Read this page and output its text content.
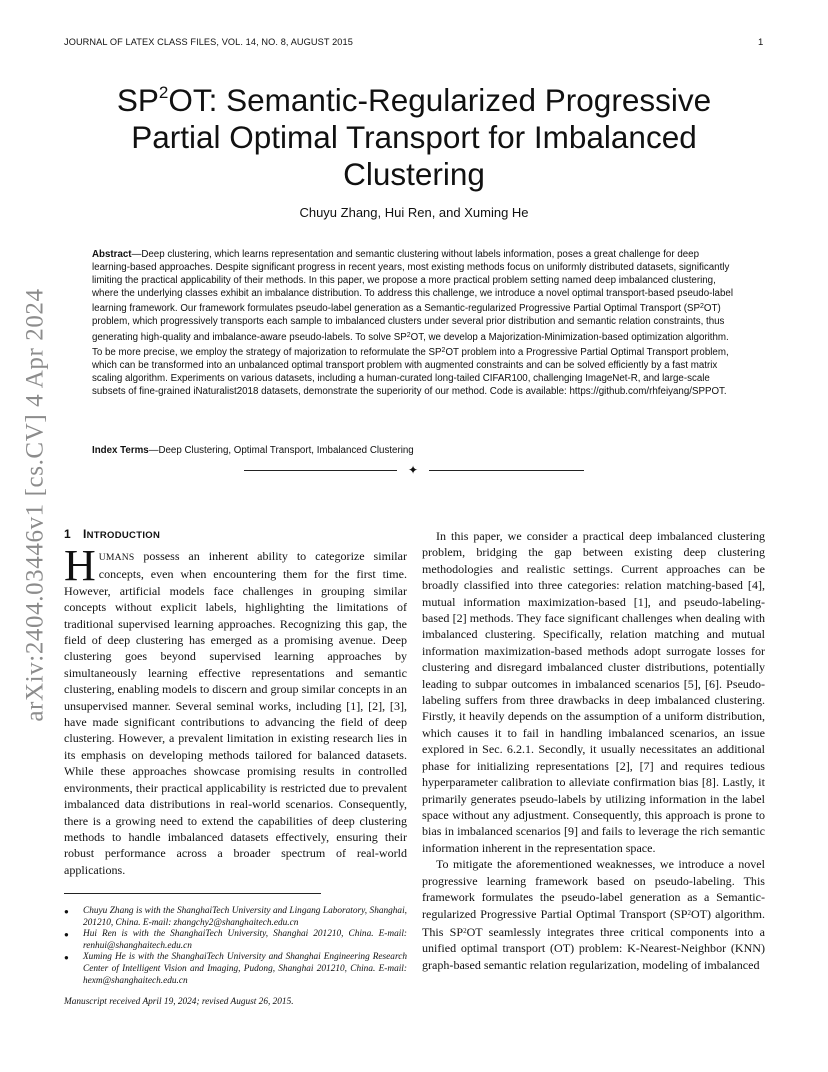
JOURNAL OF LATEX CLASS FILES, VOL. 14, NO. 8, AUGUST 2015	1
arXiv:2404.03446v1 [cs.CV] 4 Apr 2024
$SP^2OT$: Semantic-Regularized Progressive Partial Optimal Transport for Imbalanced Clustering
Chuyu Zhang, Hui Ren, and Xuming He

Abstract—Deep clustering, which learns representation and semantic clustering without labels information, poses a great challenge for deep learning-based approaches. Despite significant progress in recent years, most existing methods focus on uniformly distributed datasets, significantly limiting the practical applicability of their methods. In this paper, we propose a more practical problem setting named deep imbalanced clustering, where the underlying classes exhibit an imbalance distribution. To address this challenge, we introduce a novel optimal transport-based pseudo-label learning framework. Our framework formulates pseudo-label generation as a Semantic-regularized Progressive Partial Optimal Transport $(SP^2OT)$ problem, which progressively transports each sample to imbalanced clusters under several prior distribution and semantic relation constraints, thus generating high-quality and imbalance-aware pseudo-labels. To solve $SP^2OT$, we develop a Majorization-Minimization-based optimization algorithm. To be more precise, we employ the strategy of majorization to reformulate the $SP^2OT$ problem into a Progressive Partial Optimal Transport problem, which can be transformed into an unbalanced optimal transport problem with augmented constraints and can be solved efficiently by a fast matrix scaling algorithm. Experiments on various datasets, including a human-curated long-tailed CIFAR100, challenging ImageNet-R, and large-scale subsets of fine-grained iNaturalist2018 datasets, demonstrate the superiority of our method. Code is available: https://github.com/rhfeiyang/SPPOT.

Index Terms—Deep Clustering, Optimal Transport, Imbalanced Clustering
✦
1 INTRODUCTION

HUMANS possess an inherent ability to categorize similar concepts, even when encountering them for the first time. However, artificial models face challenges in grouping similar concepts without explicit labels, highlighting the limitations of traditional supervised learning approaches. Recognizing this gap, the field of deep clustering has emerged as a promising avenue. Deep clustering goes beyond supervised learning approaches by simultaneously learning effective representations and semantic clustering, enabling models to discern and group similar concepts in an unsupervised manner. Several seminal works, including [1], [2], [3], have made significant contributions to advancing the field of deep clustering. However, a prevalent limitation in existing research lies in its emphasis on developing methods tailored for balanced datasets. While these approaches showcase promising results in controlled environments, their practical applicability is restricted due to prevalent imbalanced data distributions in real-world scenarios. Consequently, there is a growing need to extend the capabilities of deep clustering methods to handle imbalanced datasets effectively, ensuring their robust performance across a broader spectrum of real-world applications.

In this paper, we consider a practical deep imbalanced clustering problem, bridging the gap between existing deep clustering methodologies and realistic settings. Current approaches can be broadly classified into three categories: relation matching-based [4], mutual information maximization-based [1], and pseudo-labeling-based [2] methods. They face significant challenges when dealing with imbalanced clustering. Specifically, relation matching and mutual information maximization-based methods adopt surrogate losses for clustering and disregard imbalanced cluster distributions, potentially leading to subpar outcomes in imbalanced scenarios [5], [6]. Pseudo-labeling suffers from three drawbacks in deep imbalanced clustering. Firstly, it heavily depends on the assumption of a uniform distribution, which causes it to fail in handling imbalanced scenarios, an issue explored in Sec. 6.2.1. Secondly, it usually necessitates an additional phase for initializing representations [2], [7] and requires tedious hyperparameter calibration to alleviate confirmation bias [8]. Lastly, it primarily generates pseudo-labels by utilizing information in the label space without any adjustment. Consequently, this approach is prone to bias in imbalanced scenarios [9] and fails to leverage the rich semantic information inherent in the representation space.

To mitigate the aforementioned weaknesses, we introduce a novel progressive learning framework based on pseudo-labeling. This framework formulates the pseudo-label generation as a Semantic-regularized Progressive Partial Optimal Transport $(SP^2OT)$ algorithm. This $SP^2OT$ seamlessly integrates three critical components into a unified optimal transport (OT) problem: K-Nearest-Neighbor (KNN) graph-based semantic relation regularization, modeling of imbalanced

● Chuyu Zhang is with the ShanghaiTech University and Lingang Laboratory, Shanghai, 201210, China. E-mail: zhangchy2@shanghaitech.edu.cn
● Hui Ren is with the ShanghaiTech University, Shanghai 201210, China. E-mail: renhui@shanghaitech.edu.cn
● Xuming He is with the ShanghaiTech University and Shanghai Engineering Research Center of Intelligent Vision and Imaging, Pudong, Shanghai 201210, China. E-mail: hexm@shanghaitech.edu.cn
Manuscript received April 19, 2024; revised August 26, 2015.
